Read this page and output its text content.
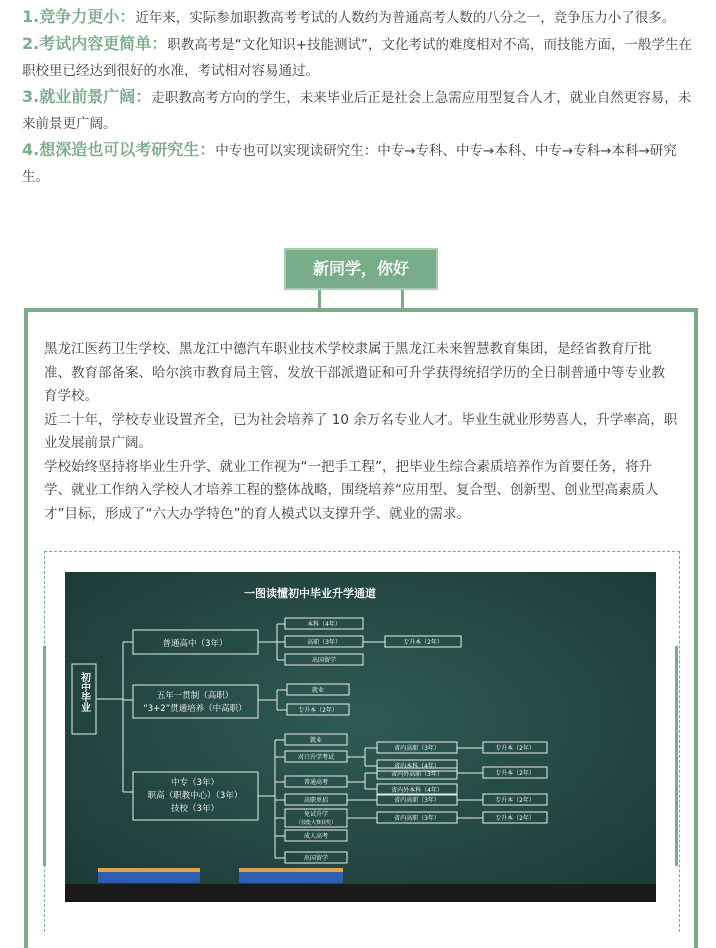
1.竞争力更小：近年来，实际参加职教高考考试的人数约为普通高考人数的八分之一，竞争压力小了很多。

2.考试内容更简单：职教高考是“文化知识+技能测试”，文化考试的难度相对不高，而技能方面，一般学生在职校里已经达到很好的水准，考试相对容易通过。

3.就业前景广阔：走职教高考方向的学生，未来毕业后正是社会上急需应用型复合人才，就业自然更容易，未来前景更广阔。

4.想深造也可以考研究生：中专也可以实现读研究生：中专→专科、中专→本科、中专→专科→本科→研究生。

新同学，你好

黑龙江医药卫生学校、黑龙江中德汽车职业技术学校隶属于黑龙江未来智慧教育集团，是经省教育厅批准、教育部备案、哈尔滨市教育局主管、发放干部派遣证和可升学获得统招学历的全日制普通中等专业教育学校。

近二十年，学校专业设置齐全，已为社会培养了 10 余万名专业人才。毕业生就业形势喜人，升学率高，职业发展前景广阔。

学校始终坚持将毕业生升学、就业工作视为“一把手工程”，把毕业生综合素质培养作为首要任务，将升学、就业工作纳入学校人才培养工程的整体战略，围绕培养“应用型、复合型、创新型、创业型高素质人才”目标，形成了“六大办学特色”的育人模式以支撑升学、就业的需求。

一图读懂初中毕业升学通道
初中毕业
普通高中（3年）
本科（4年）
高职（3年）
出国留学
专升本（2年）
五年一贯制（高职）
“3+2”贯通培养（中高职）
就业
专升本（2年）
中专（3年）
职高（职教中心）（3年）
技校（3年）
就业
对口升学考试
普通高考
高职单招
免试升学
（技能大赛获奖）
成人高考
出国留学
省内高职（3年）
省内本科（4年）
省内外高职（3年）
省内外本科（4年）
省内高职（3年）
省内高职（3年）
专升本（2年）
专升本（2年）
专升本（2年）
专升本（2年）
